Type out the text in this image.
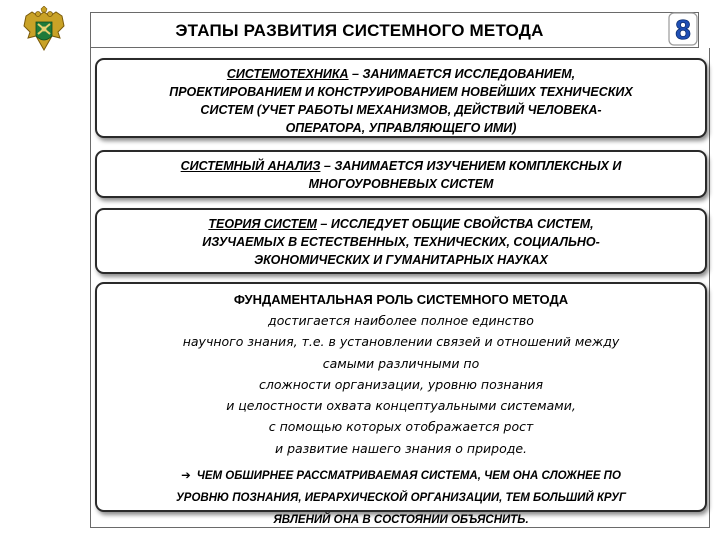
ЭТАПЫ РАЗВИТИЯ СИСТЕМНОГО МЕТОДА	8

СИСТЕМОТЕХНИКА – ЗАНИМАЕТСЯ ИССЛЕДОВАНИЕМ,

ПРОЕКТИРОВАНИЕМ И КОНСТРУИРОВАНИЕМ НОВЕЙШИХ ТЕХНИЧЕСКИХ

СИСТЕМ (УЧЕТ РАБОТЫ МЕХАНИЗМОВ, ДЕЙСТВИЙ ЧЕЛОВЕКА-

ОПЕРАТОРА, УПРАВЛЯЮЩЕГО ИМИ)

СИСТЕМНЫЙ АНАЛИЗ – ЗАНИМАЕТСЯ ИЗУЧЕНИЕМ КОМПЛЕКСНЫХ И

МНОГОУРОВНЕВЫХ СИСТЕМ

ТЕОРИЯ СИСТЕМ – ИССЛЕДУЕТ ОБЩИЕ СВОЙСТВА СИСТЕМ,

ИЗУЧАЕМЫХ В ЕСТЕСТВЕННЫХ, ТЕХНИЧЕСКИХ, СОЦИАЛЬНО-

ЭКОНОМИЧЕСКИХ И ГУМАНИТАРНЫХ НАУКАХ

ФУНДАМЕНТАЛЬНАЯ РОЛЬ СИСТЕМНОГО МЕТОДА

достигается наиболее полное единство

научного знания, т.е. в установлении связей и отношений между

самыми различными по

сложности организации, уровню познания

и целостности охвата концептуальными системами,

с помощью которых отображается рост

и развитие нашего знания о природе.

➔ ЧЕМ ОБШИРНЕЕ РАССМАТРИВАЕМАЯ СИСТЕМА, ЧЕМ ОНА СЛОЖНЕЕ ПО

УРОВНЮ ПОЗНАНИЯ, ИЕРАРХИЧЕСКОЙ ОРГАНИЗАЦИИ, ТЕМ БОЛЬШИЙ КРУГ

ЯВЛЕНИЙ ОНА В СОСТОЯНИИ ОБЪЯСНИТЬ.
